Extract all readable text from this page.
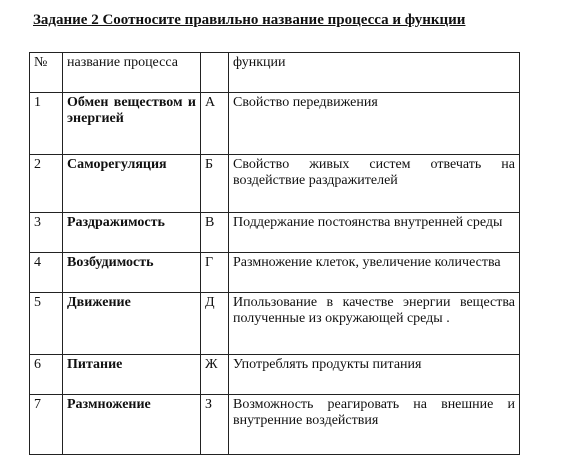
Задание 2 Соотносите правильно название процесса и функции
№	название процесса		функции
1	Обмен веществом и энергией	А	Свойство передвижения
2	Саморегуляция	Б	Свойство живых систем отвечать на воздействие раздражителей
3	Раздражимость	В	Поддержание постоянства внутренней среды
4	Возбудимость	Г	Размножение клеток, увеличение количества
5	Движение	Д	Ипользование в качестве энергии вещества полученные из окружающей среды .
6	Питание	Ж	Употреблять продукты питания
7	Размножение	З	Возможность реагировать на внешние и внутренние воздействия
